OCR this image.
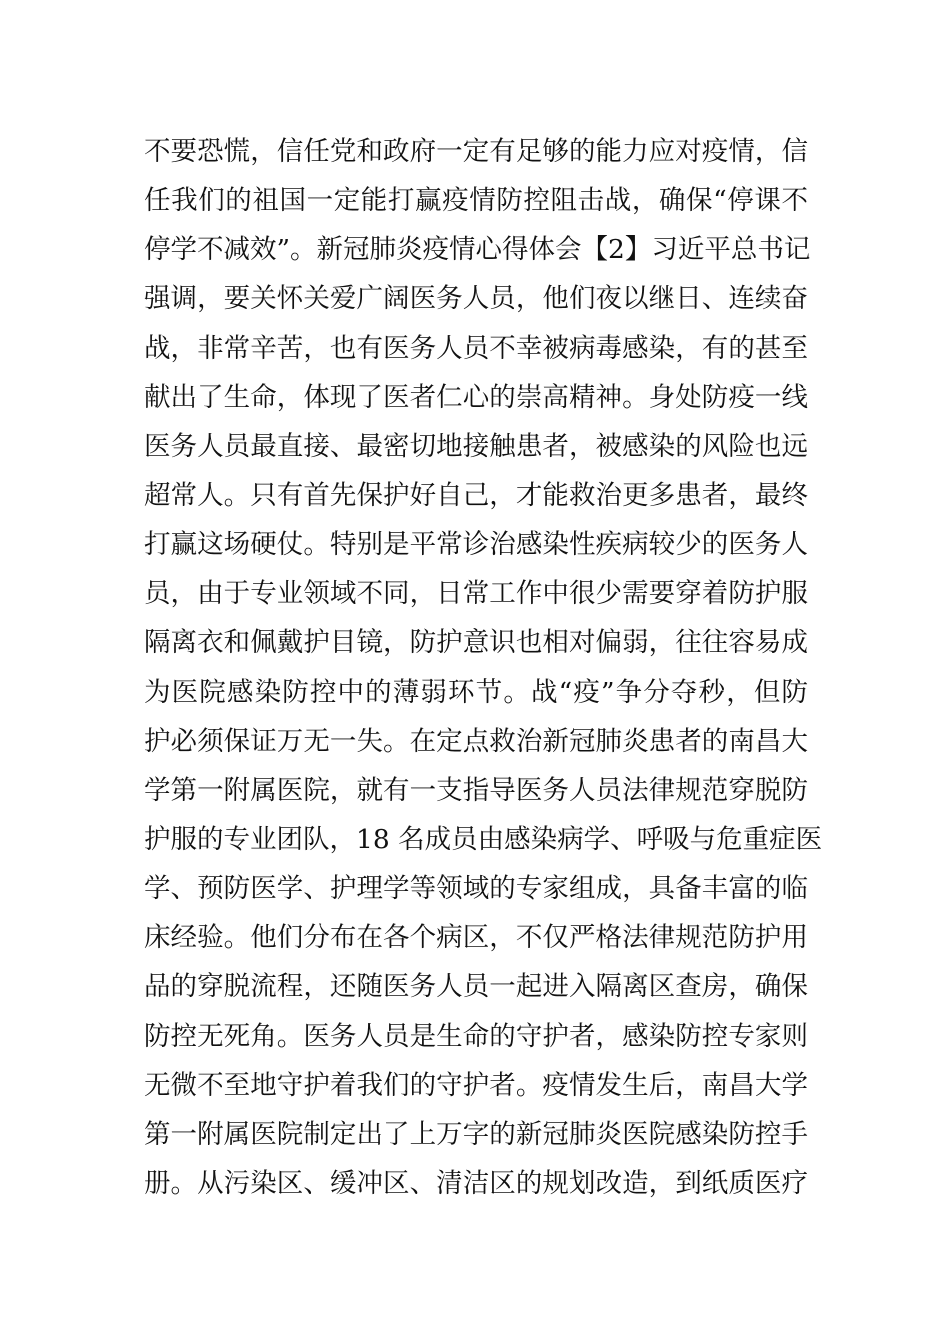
不要恐慌，信任党和政府一定有足够的能力应对疫情，信
任我们的祖国一定能打赢疫情防控阻击战，确保“停课不
停学不减效”。新冠肺炎疫情心得体会【2】习近平总书记
强调，要关怀关爱广阔医务人员，他们夜以继日、连续奋
战，非常辛苦，也有医务人员不幸被病毒感染，有的甚至
献出了生命，体现了医者仁心的崇高精神。身处防疫一线
医务人员最直接、最密切地接触患者，被感染的风险也远
超常人。只有首先保护好自己，才能救治更多患者，最终
打赢这场硬仗。特别是平常诊治感染性疾病较少的医务人
员，由于专业领域不同，日常工作中很少需要穿着防护服
隔离衣和佩戴护目镜，防护意识也相对偏弱，往往容易成
为医院感染防控中的薄弱环节。战“疫”争分夺秒，但防
护必须保证万无一失。在定点救治新冠肺炎患者的南昌大
学第一附属医院，就有一支指导医务人员法律规范穿脱防
护服的专业团队，18 名成员由感染病学、呼吸与危重症医
学、预防医学、护理学等领域的专家组成，具备丰富的临
床经验。他们分布在各个病区，不仅严格法律规范防护用
品的穿脱流程，还随医务人员一起进入隔离区查房，确保
防控无死角。医务人员是生命的守护者，感染防控专家则
无微不至地守护着我们的守护者。疫情发生后，南昌大学
第一附属医院制定出了上万字的新冠肺炎医院感染防控手
册。从污染区、缓冲区、清洁区的规划改造，到纸质医疗
